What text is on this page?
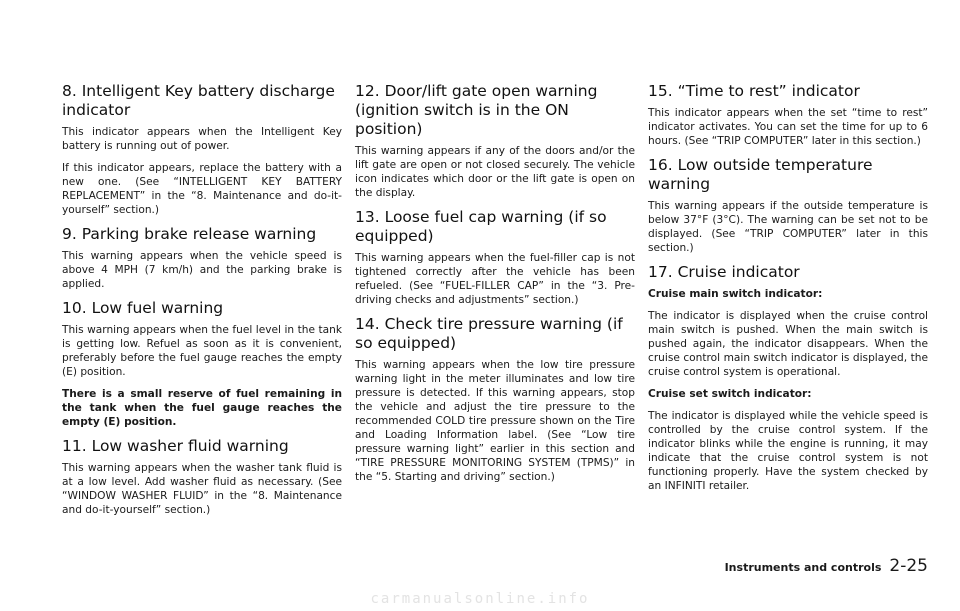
8. Intelligent Key battery discharge indicator

This indicator appears when the Intelligent Key battery is running out of power.

If this indicator appears, replace the battery with a new one. (See “INTELLIGENT KEY BATTERY REPLACEMENT” in the “8. Maintenance and do-it-yourself” section.)

9. Parking brake release warning

This warning appears when the vehicle speed is above 4 MPH (7 km/h) and the parking brake is applied.

10. Low fuel warning

This warning appears when the fuel level in the tank is getting low. Refuel as soon as it is convenient, preferably before the fuel gauge reaches the empty (E) position.

There is a small reserve of fuel remaining in the tank when the fuel gauge reaches the empty (E) position.

11. Low washer fluid warning

This warning appears when the washer tank fluid is at a low level. Add washer fluid as necessary. (See “WINDOW WASHER FLUID” in the “8. Maintenance and do-it-yourself” section.)

12. Door/lift gate open warning (ignition switch is in the ON position)

This warning appears if any of the doors and/or the lift gate are open or not closed securely. The vehicle icon indicates which door or the lift gate is open on the display.

13. Loose fuel cap warning (if so equipped)

This warning appears when the fuel-filler cap is not tightened correctly after the vehicle has been refueled. (See “FUEL-FILLER CAP” in the “3. Pre-driving checks and adjustments” section.)

14. Check tire pressure warning (if so equipped)

This warning appears when the low tire pressure warning light in the meter illuminates and low tire pressure is detected. If this warning appears, stop the vehicle and adjust the tire pressure to the recommended COLD tire pressure shown on the Tire and Loading Information label. (See “Low tire pressure warning light” earlier in this section and “TIRE PRESSURE MONITORING SYSTEM (TPMS)” in the “5. Starting and driving” section.)

15. “Time to rest” indicator

This indicator appears when the set “time to rest” indicator activates. You can set the time for up to 6 hours. (See “TRIP COMPUTER” later in this section.)

16. Low outside temperature warning

This warning appears if the outside temperature is below 37°F (3°C). The warning can be set not to be displayed. (See “TRIP COMPUTER” later in this section.)

17. Cruise indicator

Cruise main switch indicator:

The indicator is displayed when the cruise control main switch is pushed. When the main switch is pushed again, the indicator disappears. When the cruise control main switch indicator is displayed, the cruise control system is operational.

Cruise set switch indicator:

The indicator is displayed while the vehicle speed is controlled by the cruise control system. If the indicator blinks while the engine is running, it may indicate that the cruise control system is not functioning properly. Have the system checked by an INFINITI retailer.

Instruments and controls 2-25
carmanualsonline.info
